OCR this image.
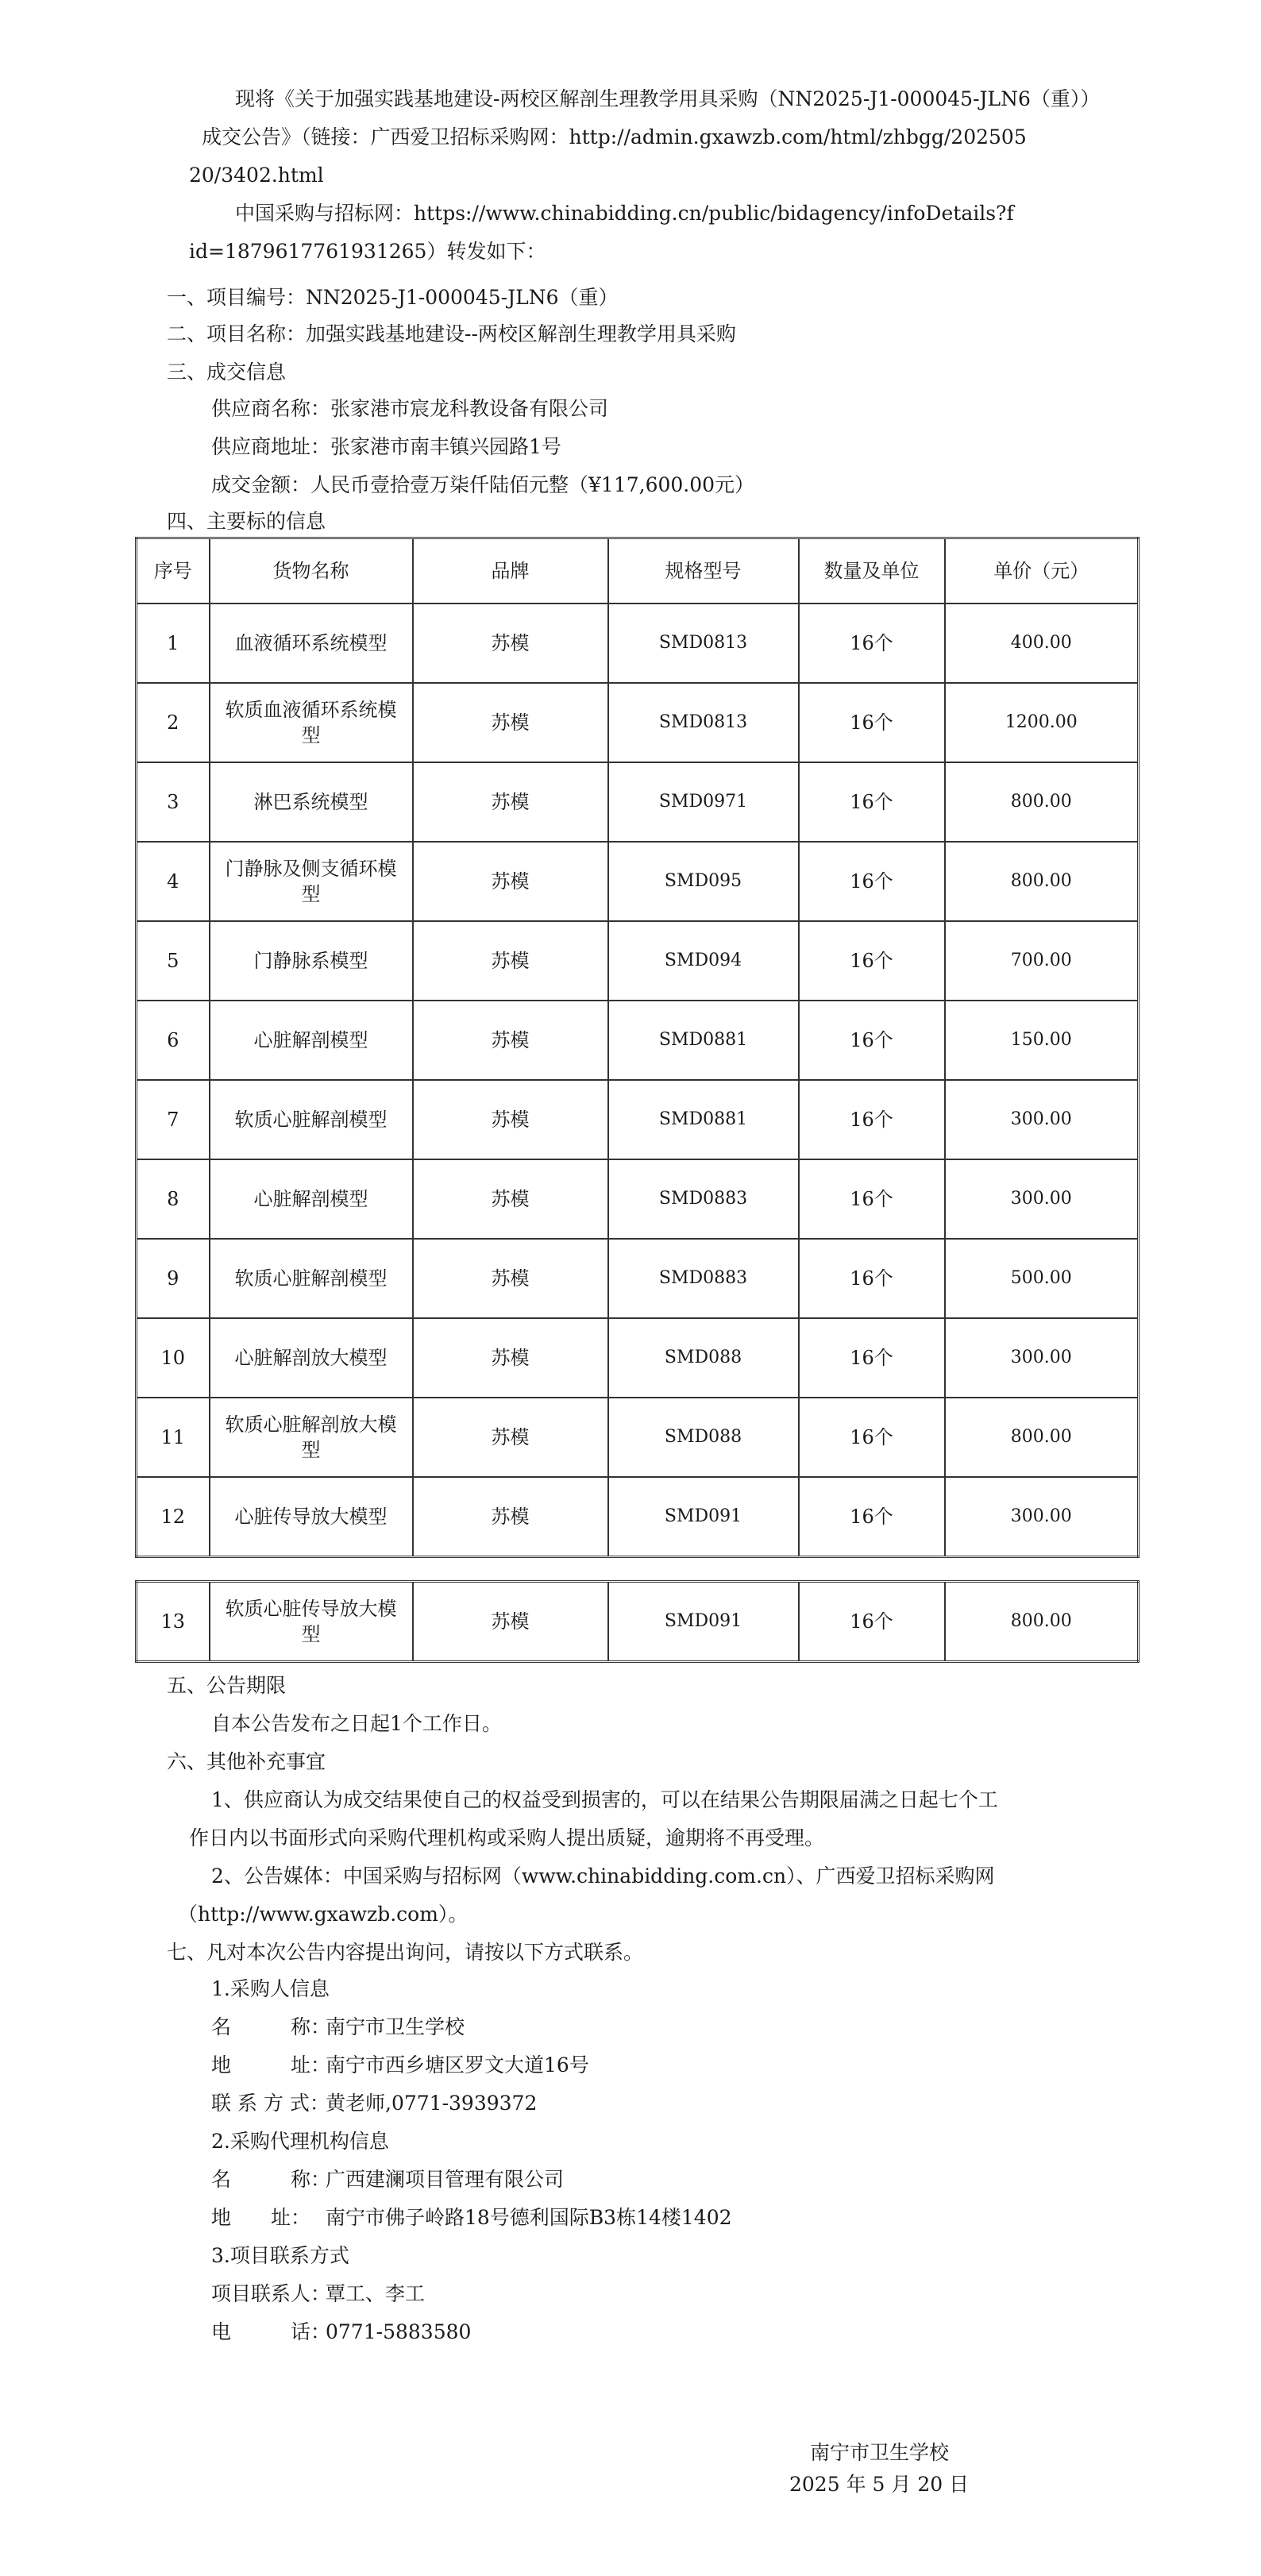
现将《关于加强实践基地建设-两校区解剖生理教学用具采购（NN2025-J1-000045-JLN6（重））
成交公告》（链接：广西爱卫招标采购网：http://admin.gxawzb.com/html/zhbgg/202505
20/3402.html
中国采购与招标网：https://www.chinabidding.cn/public/bidagency/infoDetails?f
id=1879617761931265）转发如下：
一、项目编号：NN2025-J1-000045-JLN6（重）
二、项目名称：加强实践基地建设--两校区解剖生理教学用具采购
三、成交信息
供应商名称：张家港市宸龙科教设备有限公司
供应商地址：张家港市南丰镇兴园路1号
成交金额：人民币壹拾壹万柒仟陆佰元整（¥117,600.00元）
四、主要标的信息
序号	货物名称	品牌	规格型号	数量及单位	单价（元）
1	血液循环系统模型	苏模	SMD0813	16个	400.00
2	软质血液循环系统模型	苏模	SMD0813	16个	1200.00
3	淋巴系统模型	苏模	SMD0971	16个	800.00
4	门静脉及侧支循环模型	苏模	SMD095	16个	800.00
5	门静脉系模型	苏模	SMD094	16个	700.00
6	心脏解剖模型	苏模	SMD0881	16个	150.00
7	软质心脏解剖模型	苏模	SMD0881	16个	300.00
8	心脏解剖模型	苏模	SMD0883	16个	300.00
9	软质心脏解剖模型	苏模	SMD0883	16个	500.00
10	心脏解剖放大模型	苏模	SMD088	16个	300.00
11	软质心脏解剖放大模型	苏模	SMD088	16个	800.00
12	心脏传导放大模型	苏模	SMD091	16个	300.00
13	软质心脏传导放大模型	苏模	SMD091	16个	800.00
五、公告期限
自本公告发布之日起1个工作日。
六、其他补充事宜
1、供应商认为成交结果使自己的权益受到损害的，可以在结果公告期限届满之日起七个工
作日内以书面形式向采购代理机构或采购人提出质疑，逾期将不再受理。
2、公告媒体：中国采购与招标网（www.chinabidding.com.cn）、广西爱卫招标采购网
（http://www.gxawzb.com）。
七、凡对本次公告内容提出询问，请按以下方式联系。
1.采购人信息
名　　　称：南宁市卫生学校
地　　　址：南宁市西乡塘区罗文大道16号
联 系 方 式：黄老师,0771-3939372
2.采购代理机构信息
名　　　称：广西建澜项目管理有限公司
地　　址： 南宁市佛子岭路18号德利国际B3栋14楼1402
3.项目联系方式
项目联系人：覃工、李工
电　　　话：0771-5883580
南宁市卫生学校
2025 年 5 月 20 日
